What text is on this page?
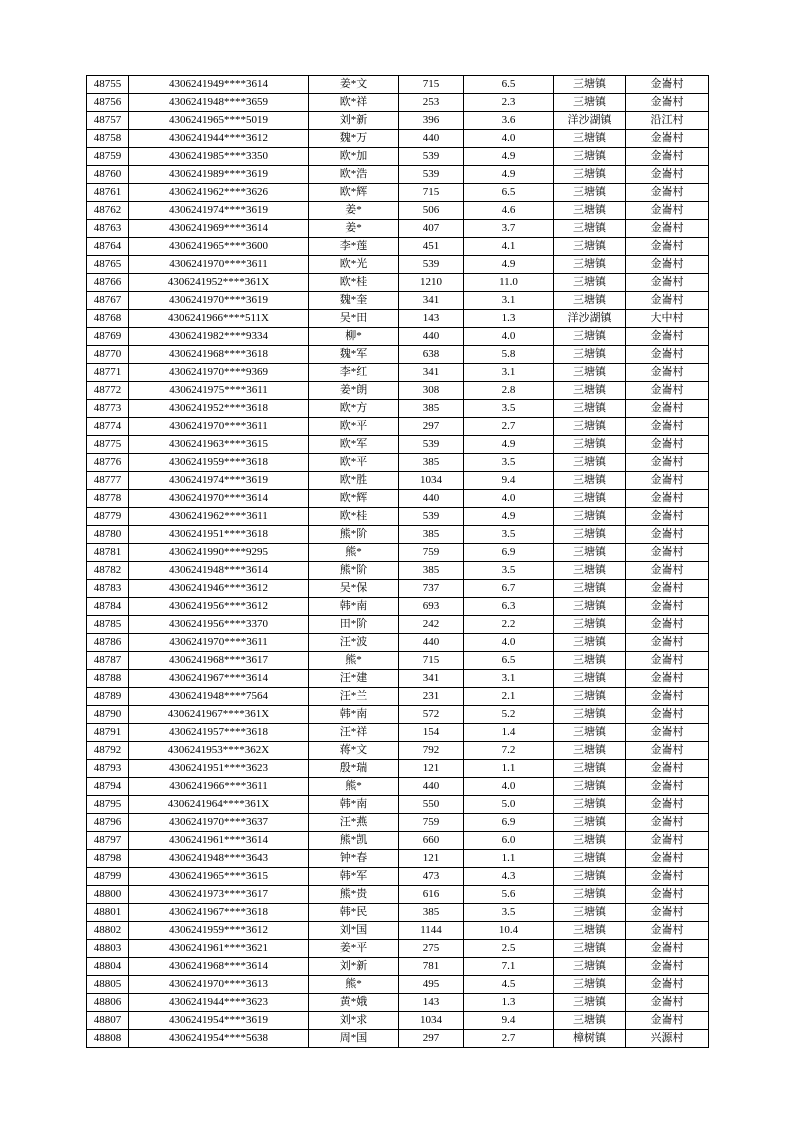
48755	4306241949****3614	姜*文	715	6.5	三塘镇	金崙村
48756	4306241948****3659	欧*祥	253	2.3	三塘镇	金崙村
48757	4306241965****5019	刘*新	396	3.6	洋沙湖镇	沿江村
48758	4306241944****3612	魏*万	440	4.0	三塘镇	金崙村
48759	4306241985****3350	欧*加	539	4.9	三塘镇	金崙村
48760	4306241989****3619	欧*浩	539	4.9	三塘镇	金崙村
48761	4306241962****3626	欧*辉	715	6.5	三塘镇	金崙村
48762	4306241974****3619	姜*	506	4.6	三塘镇	金崙村
48763	4306241969****3614	姜*	407	3.7	三塘镇	金崙村
48764	4306241965****3600	李*莲	451	4.1	三塘镇	金崙村
48765	4306241970****3611	欧*光	539	4.9	三塘镇	金崙村
48766	4306241952****361X	欧*桂	1210	11.0	三塘镇	金崙村
48767	4306241970****3619	魏*奎	341	3.1	三塘镇	金崙村
48768	4306241966****511X	吴*田	143	1.3	洋沙湖镇	大中村
48769	4306241982****9334	柳*	440	4.0	三塘镇	金崙村
48770	4306241968****3618	魏*军	638	5.8	三塘镇	金崙村
48771	4306241970****9369	李*红	341	3.1	三塘镇	金崙村
48772	4306241975****3611	姜*朗	308	2.8	三塘镇	金崙村
48773	4306241952****3618	欧*方	385	3.5	三塘镇	金崙村
48774	4306241970****3611	欧*平	297	2.7	三塘镇	金崙村
48775	4306241963****3615	欧*军	539	4.9	三塘镇	金崙村
48776	4306241959****3618	欧*平	385	3.5	三塘镇	金崙村
48777	4306241974****3619	欧*胜	1034	9.4	三塘镇	金崙村
48778	4306241970****3614	欧*辉	440	4.0	三塘镇	金崙村
48779	4306241962****3611	欧*桂	539	4.9	三塘镇	金崙村
48780	4306241951****3618	熊*阶	385	3.5	三塘镇	金崙村
48781	4306241990****9295	熊*	759	6.9	三塘镇	金崙村
48782	4306241948****3614	熊*阶	385	3.5	三塘镇	金崙村
48783	4306241946****3612	吴*保	737	6.7	三塘镇	金崙村
48784	4306241956****3612	韩*南	693	6.3	三塘镇	金崙村
48785	4306241956****3370	田*阶	242	2.2	三塘镇	金崙村
48786	4306241970****3611	汪*波	440	4.0	三塘镇	金崙村
48787	4306241968****3617	熊*	715	6.5	三塘镇	金崙村
48788	4306241967****3614	汪*建	341	3.1	三塘镇	金崙村
48789	4306241948****7564	汪*兰	231	2.1	三塘镇	金崙村
48790	4306241967****361X	韩*南	572	5.2	三塘镇	金崙村
48791	4306241957****3618	汪*祥	154	1.4	三塘镇	金崙村
48792	4306241953****362X	蒋*文	792	7.2	三塘镇	金崙村
48793	4306241951****3623	殷*瑞	121	1.1	三塘镇	金崙村
48794	4306241966****3611	熊*	440	4.0	三塘镇	金崙村
48795	4306241964****361X	韩*南	550	5.0	三塘镇	金崙村
48796	4306241970****3637	汪*燕	759	6.9	三塘镇	金崙村
48797	4306241961****3614	熊*凯	660	6.0	三塘镇	金崙村
48798	4306241948****3643	钟*春	121	1.1	三塘镇	金崙村
48799	4306241965****3615	韩*军	473	4.3	三塘镇	金崙村
48800	4306241973****3617	熊*贵	616	5.6	三塘镇	金崙村
48801	4306241967****3618	韩*民	385	3.5	三塘镇	金崙村
48802	4306241959****3612	刘*国	1144	10.4	三塘镇	金崙村
48803	4306241961****3621	姜*平	275	2.5	三塘镇	金崙村
48804	4306241968****3614	刘*新	781	7.1	三塘镇	金崙村
48805	4306241970****3613	熊*	495	4.5	三塘镇	金崙村
48806	4306241944****3623	黄*娥	143	1.3	三塘镇	金崙村
48807	4306241954****3619	刘*求	1034	9.4	三塘镇	金崙村
48808	4306241954****5638	周*国	297	2.7	樟树镇	兴源村
